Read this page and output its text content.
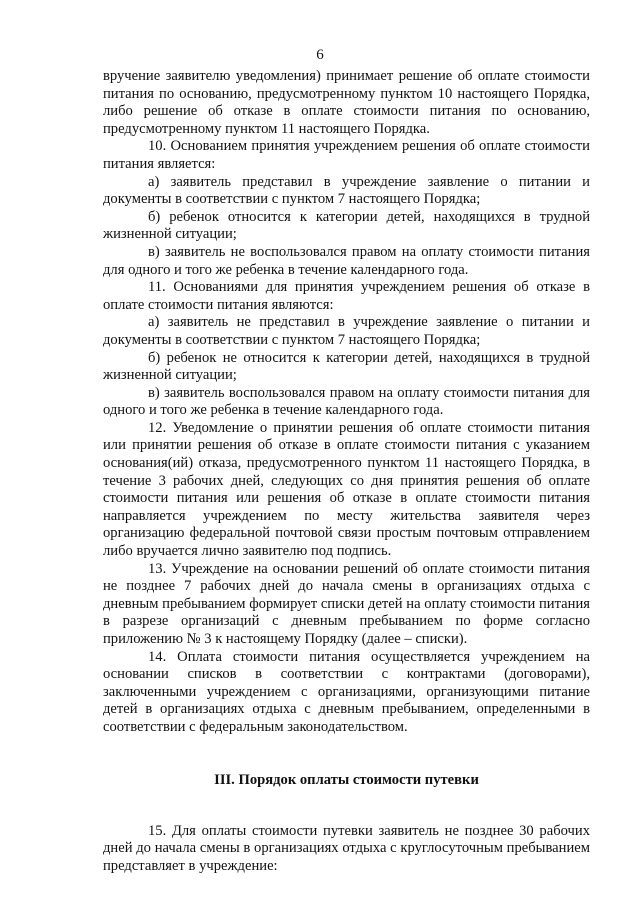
6

вручение заявителю уведомления) принимает решение об оплате стоимости питания по основанию, предусмотренному пунктом 10 настоящего Порядка, либо решение об отказе в оплате стоимости питания по основанию, предусмотренному пунктом 11 настоящего Порядка.

10. Основанием принятия учреждением решения об оплате стоимости питания является:

а) заявитель представил в учреждение заявление о питании и документы в соответствии с пунктом 7 настоящего Порядка;

б) ребенок относится к категории детей, находящихся в трудной жизненной ситуации;

в) заявитель не воспользовался правом на оплату стоимости питания для одного и того же ребенка в течение календарного года.

11. Основаниями для принятия учреждением решения об отказе в оплате стоимости питания являются:

а) заявитель не представил в учреждение заявление о питании и документы в соответствии с пунктом 7 настоящего Порядка;

б) ребенок не относится к категории детей, находящихся в трудной жизненной ситуации;

в) заявитель воспользовался правом на оплату стоимости питания для одного и того же ребенка в течение календарного года.

12. Уведомление о принятии решения об оплате стоимости питания или принятии решения об отказе в оплате стоимости питания с указанием основания(ий) отказа, предусмотренного пунктом 11 настоящего Порядка, в течение 3 рабочих дней, следующих со дня принятия решения об оплате стоимости питания или решения об отказе в оплате стоимости питания направляется учреждением по месту жительства заявителя через организацию федеральной почтовой связи простым почтовым отправлением либо вручается лично заявителю под подпись.

13. Учреждение на основании решений об оплате стоимости питания не позднее 7 рабочих дней до начала смены в организациях отдыха с дневным пребыванием формирует списки детей на оплату стоимости питания в разрезе организаций с дневным пребыванием по форме согласно приложению № 3 к настоящему Порядку (далее – списки).

14. Оплата стоимости питания осуществляется учреждением на основании списков в соответствии с контрактами (договорами), заключенными учреждением с организациями, организующими питание детей в организациях отдыха с дневным пребыванием, определенными в соответствии с федеральным законодательством.

III. Порядок оплаты стоимости путевки

15. Для оплаты стоимости путевки заявитель не позднее 30 рабочих дней до начала смены в организациях отдыха с круглосуточным пребыванием представляет в учреждение:
